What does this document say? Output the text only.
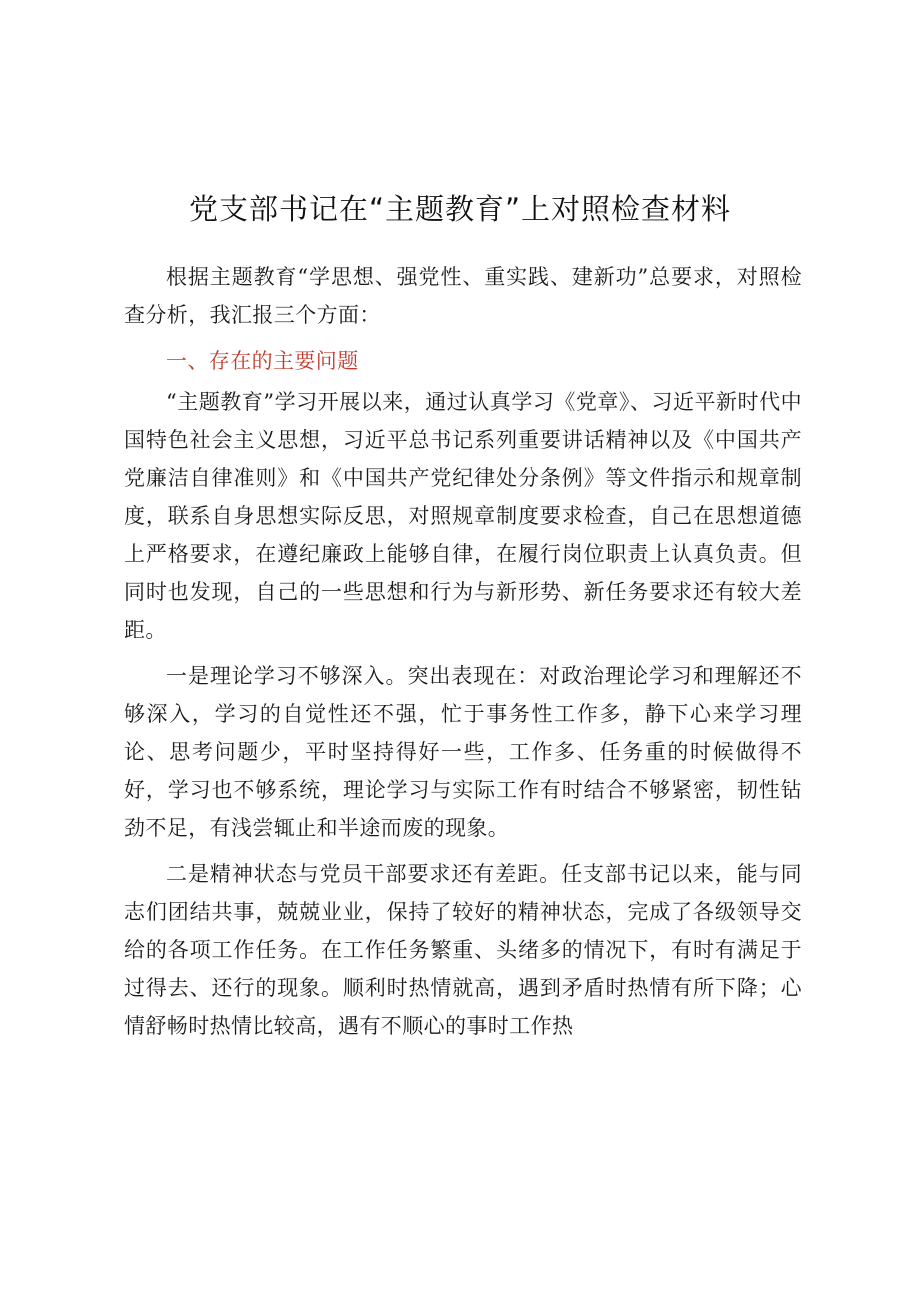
党支部书记在“主题教育”上对照检查材料

根据主题教育“学思想、强党性、重实践、建新功”总要求，对照检查分析，我汇报三个方面：

一、存在的主要问题

“主题教育”学习开展以来，通过认真学习《党章》、习近平新时代中国特色社会主义思想，习近平总书记系列重要讲话精神以及《中国共产党廉洁自律准则》和《中国共产党纪律处分条例》等文件指示和规章制度，联系自身思想实际反思，对照规章制度要求检查，自己在思想道德上严格要求，在遵纪廉政上能够自律，在履行岗位职责上认真负责。但同时也发现，自己的一些思想和行为与新形势、新任务要求还有较大差距。

一是理论学习不够深入。突出表现在：对政治理论学习和理解还不够深入，学习的自觉性还不强，忙于事务性工作多，静下心来学习理论、思考问题少，平时坚持得好一些，工作多、任务重的时候做得不好，学习也不够系统，理论学习与实际工作有时结合不够紧密，韧性钻劲不足，有浅尝辄止和半途而废的现象。

二是精神状态与党员干部要求还有差距。任支部书记以来，能与同志们团结共事，兢兢业业，保持了较好的精神状态，完成了各级领导交给的各项工作任务。在工作任务繁重、头绪多的情况下，有时有满足于过得去、还行的现象。顺利时热情就高，遇到矛盾时热情有所下降；心情舒畅时热情比较高，遇有不顺心的事时工作热
